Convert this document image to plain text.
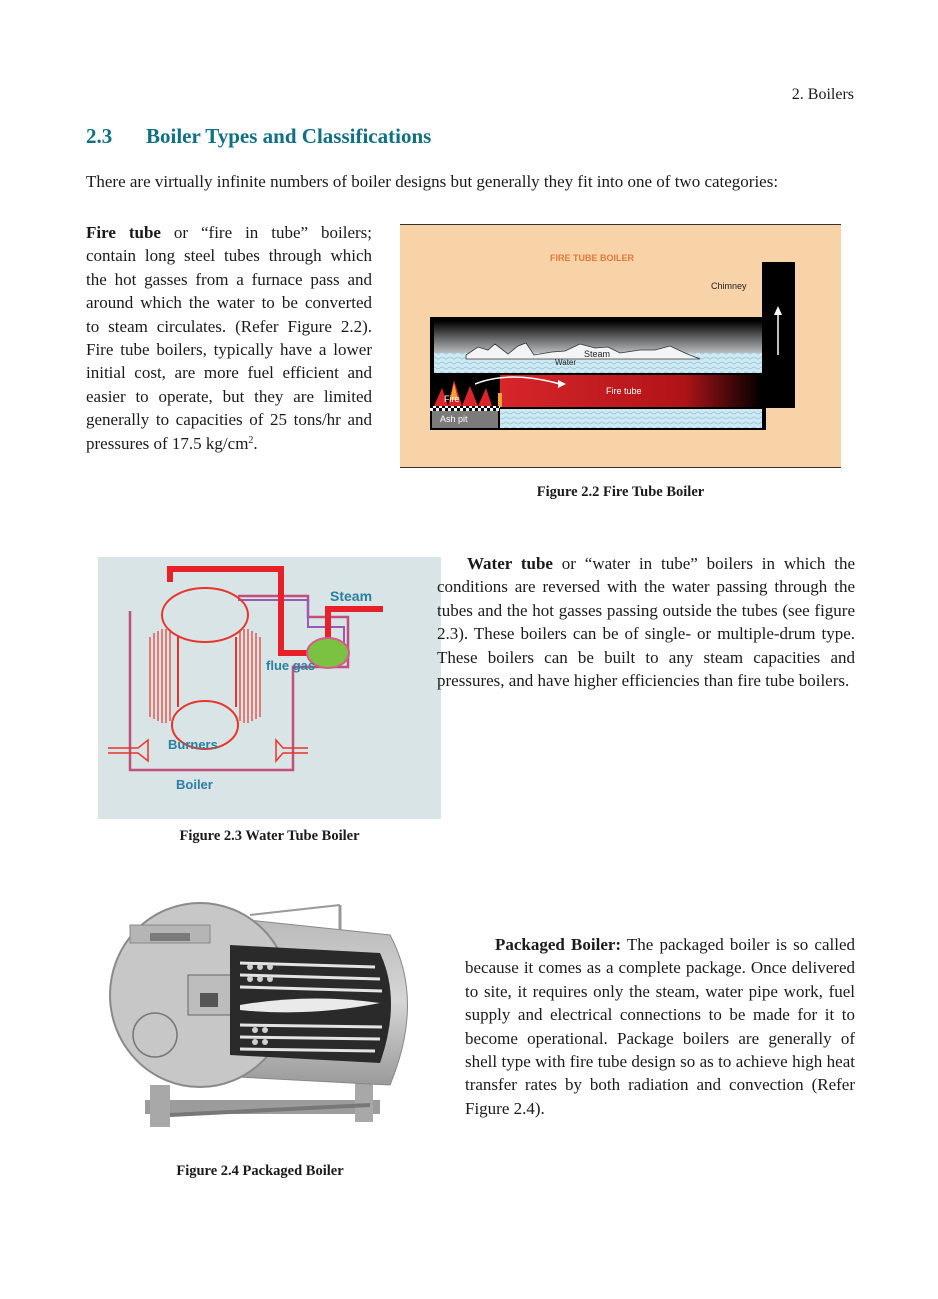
2. Boilers
2.3 Boiler Types and Classifications
There are virtually infinite numbers of boiler designs but generally they fit into one of two categories:
Fire tube or “fire in tube” boilers; contain long steel tubes through which the hot gasses from a furnace pass and around which the water to be converted to steam circulates. (Refer Figure 2.2). Fire tube boilers, typically have a lower initial cost, are more fuel efficient and easier to operate, but they are limited generally to capacities of 25 tons/hr and pressures of 17.5 $kg/cm^2$.
FIRE TUBE BOILER
Chimney
Steam
Water
Fire tube
Fire
Ash pit
Figure 2.2 Fire Tube Boiler
Steam
flue gas
Burners
Boiler
Figure 2.3 Water Tube Boiler
Water tube or “water in tube” boilers in which the conditions are reversed with the water passing through the tubes and the hot gasses passing outside the tubes (see figure 2.3). These boilers can be of single- or multiple-drum type. These boilers can be built to any steam capacities and pressures, and have higher efficiencies than fire tube boilers.
Figure 2.4 Packaged Boiler
Packaged Boiler: The packaged boiler is so called because it comes as a complete package. Once delivered to site, it requires only the steam, water pipe work, fuel supply and electrical connections to be made for it to become operational. Package boilers are generally of shell type with fire tube design so as to achieve high heat transfer rates by both radiation and convection (Refer Figure 2.4).
